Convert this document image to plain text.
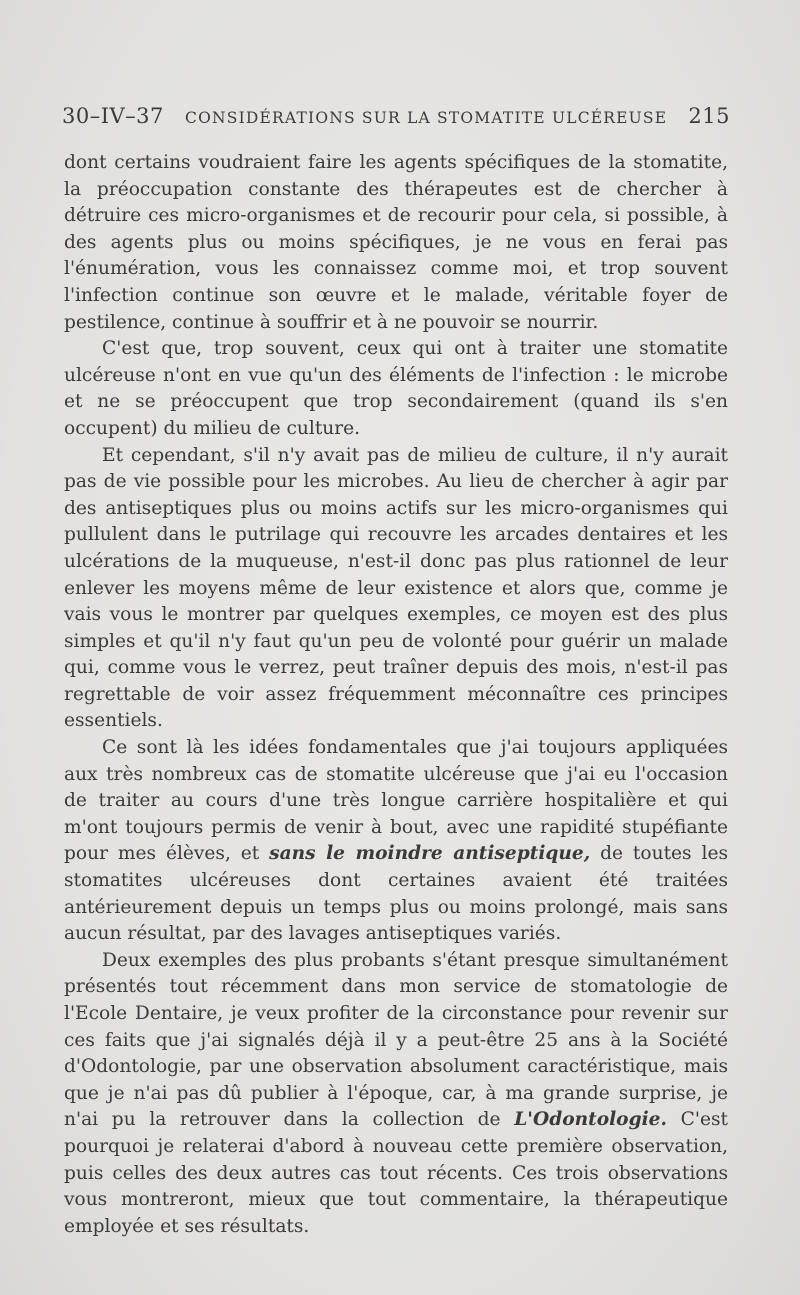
30–IV–37 CONSIDÉRATIONS SUR LA STOMATITE ULCÉREUSE 215

dont certains voudraient faire les agents spécifiques de la stomatite, la préoccupation constante des thérapeutes est de chercher à détruire ces micro-organismes et de recourir pour cela, si possible, à des agents plus ou moins spécifiques, je ne vous en ferai pas l'énumération, vous les connaissez comme moi, et trop souvent l'infection continue son œuvre et le malade, véritable foyer de pestilence, continue à souffrir et à ne pouvoir se nourrir.

C'est que, trop souvent, ceux qui ont à traiter une stomatite ulcéreuse n'ont en vue qu'un des éléments de l'infection : le microbe et ne se préoccupent que trop secondairement (quand ils s'en occupent) du milieu de culture.

Et cependant, s'il n'y avait pas de milieu de culture, il n'y aurait pas de vie possible pour les microbes. Au lieu de chercher à agir par des antiseptiques plus ou moins actifs sur les micro-organismes qui pullulent dans le putrilage qui recouvre les arcades dentaires et les ulcérations de la muqueuse, n'est-il donc pas plus rationnel de leur enlever les moyens même de leur existence et alors que, comme je vais vous le montrer par quelques exemples, ce moyen est des plus simples et qu'il n'y faut qu'un peu de volonté pour guérir un malade qui, comme vous le verrez, peut traîner depuis des mois, n'est-il pas regrettable de voir assez fréquemment méconnaître ces principes essentiels.

Ce sont là les idées fondamentales que j'ai toujours appliquées aux très nombreux cas de stomatite ulcéreuse que j'ai eu l'occasion de traiter au cours d'une très longue carrière hospitalière et qui m'ont toujours permis de venir à bout, avec une rapidité stupéfiante pour mes élèves, et sans le moindre antiseptique, de toutes les stomatites ulcéreuses dont certaines avaient été traitées antérieurement depuis un temps plus ou moins prolongé, mais sans aucun résultat, par des lavages antiseptiques variés.

Deux exemples des plus probants s'étant presque simultanément présentés tout récemment dans mon service de stomatologie de l'Ecole Dentaire, je veux profiter de la circonstance pour revenir sur ces faits que j'ai signalés déjà il y a peut-être 25 ans à la Société d'Odontologie, par une observation absolument caractéristique, mais que je n'ai pas dû publier à l'époque, car, à ma grande surprise, je n'ai pu la retrouver dans la collection de L'Odontologie. C'est pourquoi je relaterai d'abord à nouveau cette première observation, puis celles des deux autres cas tout récents. Ces trois observations vous montreront, mieux que tout commentaire, la thérapeutique employée et ses résultats.
